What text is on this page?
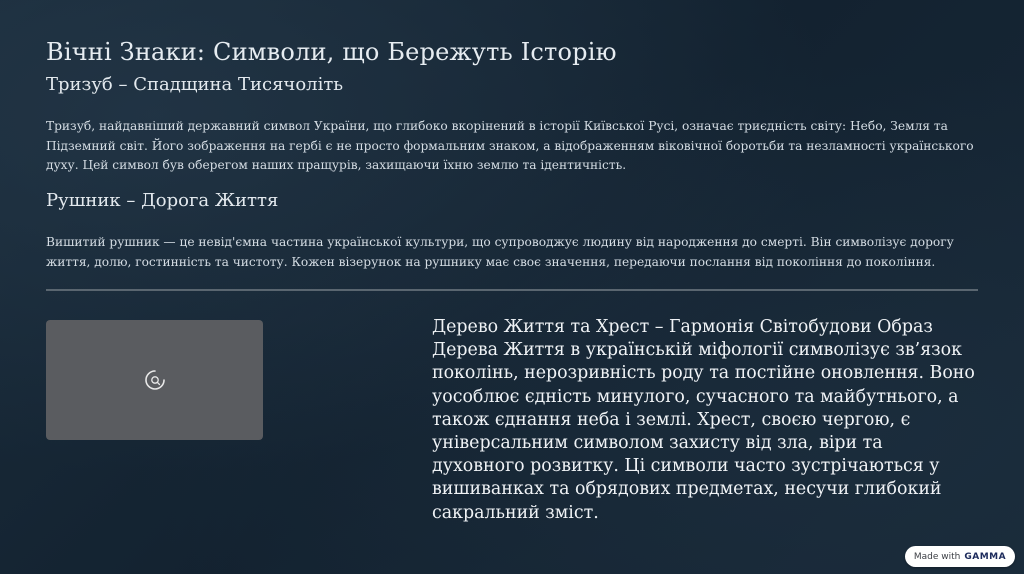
Вічні Знаки: Символи, що Бережуть Історію
Тризуб – Спадщина Тисячоліть

Тризуб, найдавніший державний символ України, що глибоко вкорінений в історії Київської Русі, означає триєдність світу: Небо, Земля та Підземний світ. Його зображення на гербі є не просто формальним знаком, а відображенням віковічної боротьби та незламності українського духу. Цей символ був оберегом наших пращурів, захищаючи їхню землю та ідентичність.

Рушник – Дорога Життя

Вишитий рушник — це невід'ємна частина української культури, що супроводжує людину від народження до смерті. Він символізує дорогу життя, долю, гостинність та чистоту. Кожен візерунок на рушнику має своє значення, передаючи послання від покоління до покоління.

Дерево Життя та Хрест – Гармонія Світобудови Образ Дерева Життя в українській міфології символізує зв’язок поколінь, нерозривність роду та постійне оновлення. Воно уособлює єдність минулого, сучасного та майбутнього, а також єднання неба і землі. Хрест, своєю чергою, є універсальним символом захисту від зла, віри та духовного розвитку. Ці символи часто зустрічаються у вишиванках та обрядових предметах, несучи глибокий сакральний зміст.

Made with GAMMA
